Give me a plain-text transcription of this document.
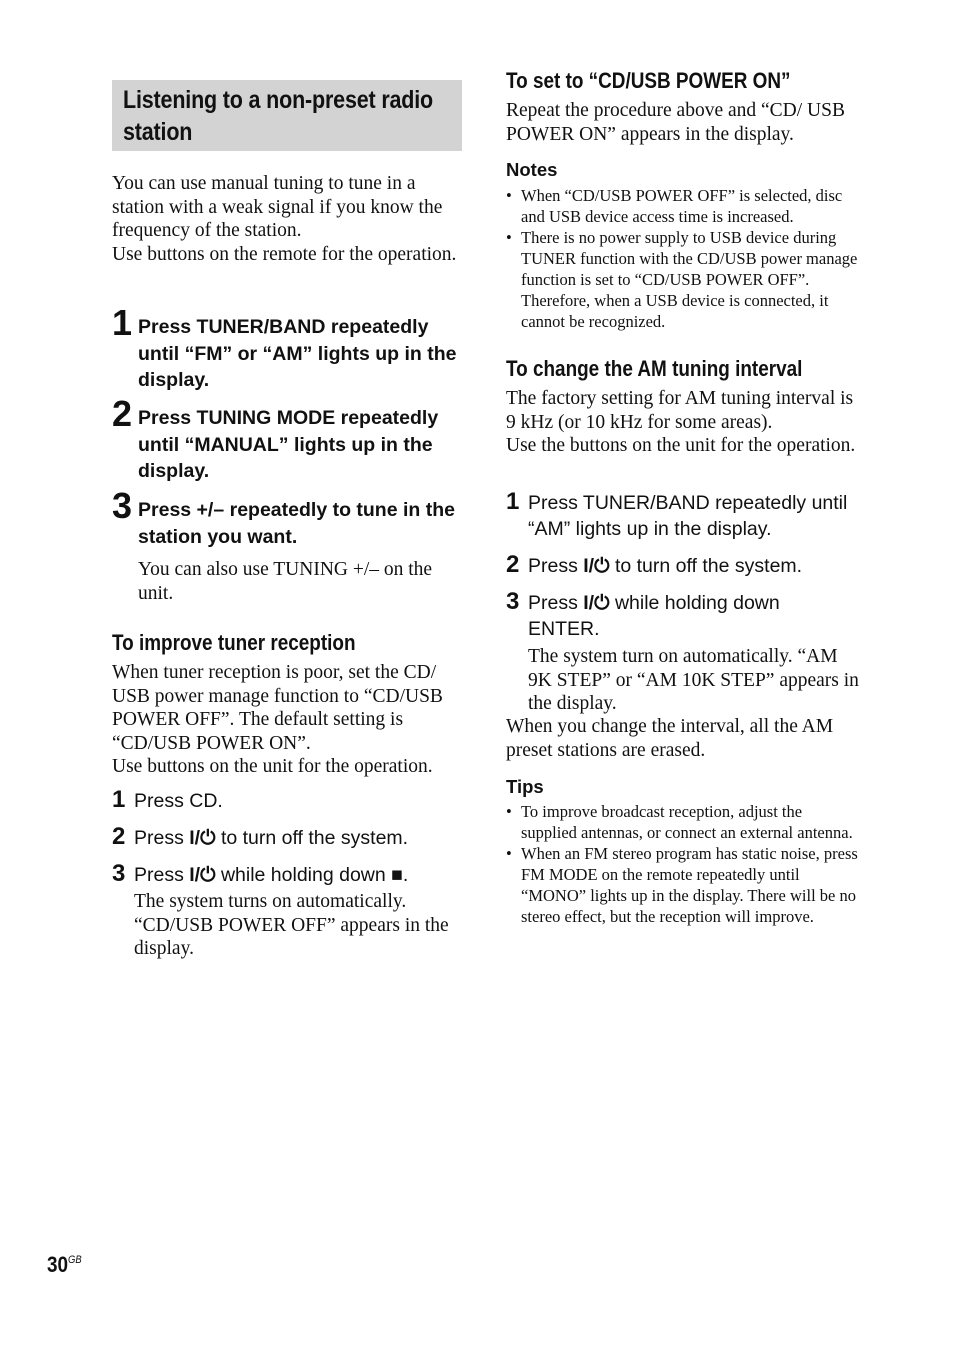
Listening to a non-preset radio station
You can use manual tuning to tune in a station with a weak signal if you know the frequency of the station.
Use buttons on the remote for the operation.
1 Press TUNER/BAND repeatedly until “FM” or “AM” lights up in the display.
2 Press TUNING MODE repeatedly until “MANUAL” lights up in the display.
3 Press +/– repeatedly to tune in the station you want.
You can also use TUNING +/– on the unit.
To improve tuner reception
When tuner reception is poor, set the CD/ USB power manage function to “CD/USB POWER OFF”. The default setting is “CD/USB POWER ON”.
Use buttons on the unit for the operation.
1 Press CD.
2 Press I/⏻ to turn off the system.
3 Press I/⏻ while holding down ■.
The system turns on automatically. “CD/USB POWER OFF” appears in the display.
To set to “CD/USB POWER ON”
Repeat the procedure above and “CD/ USB POWER ON” appears in the display.
Notes
• When “CD/USB POWER OFF” is selected, disc and USB device access time is increased.
• There is no power supply to USB device during TUNER function with the CD/USB power manage function is set to “CD/USB POWER OFF”. Therefore, when a USB device is connected, it cannot be recognized.
To change the AM tuning interval
The factory setting for AM tuning interval is 9 kHz (or 10 kHz for some areas).
Use the buttons on the unit for the operation.
1 Press TUNER/BAND repeatedly until “AM” lights up in the display.
2 Press I/⏻ to turn off the system.
3 Press I/⏻ while holding down ENTER.
The system turn on automatically. “AM 9K STEP” or “AM 10K STEP” appears in the display.
When you change the interval, all the AM preset stations are erased.
Tips
• To improve broadcast reception, adjust the supplied antennas, or connect an external antenna.
• When an FM stereo program has static noise, press FM MODE on the remote repeatedly until “MONO” lights up in the display. There will be no stereo effect, but the reception will improve.
$30^{GB}$
